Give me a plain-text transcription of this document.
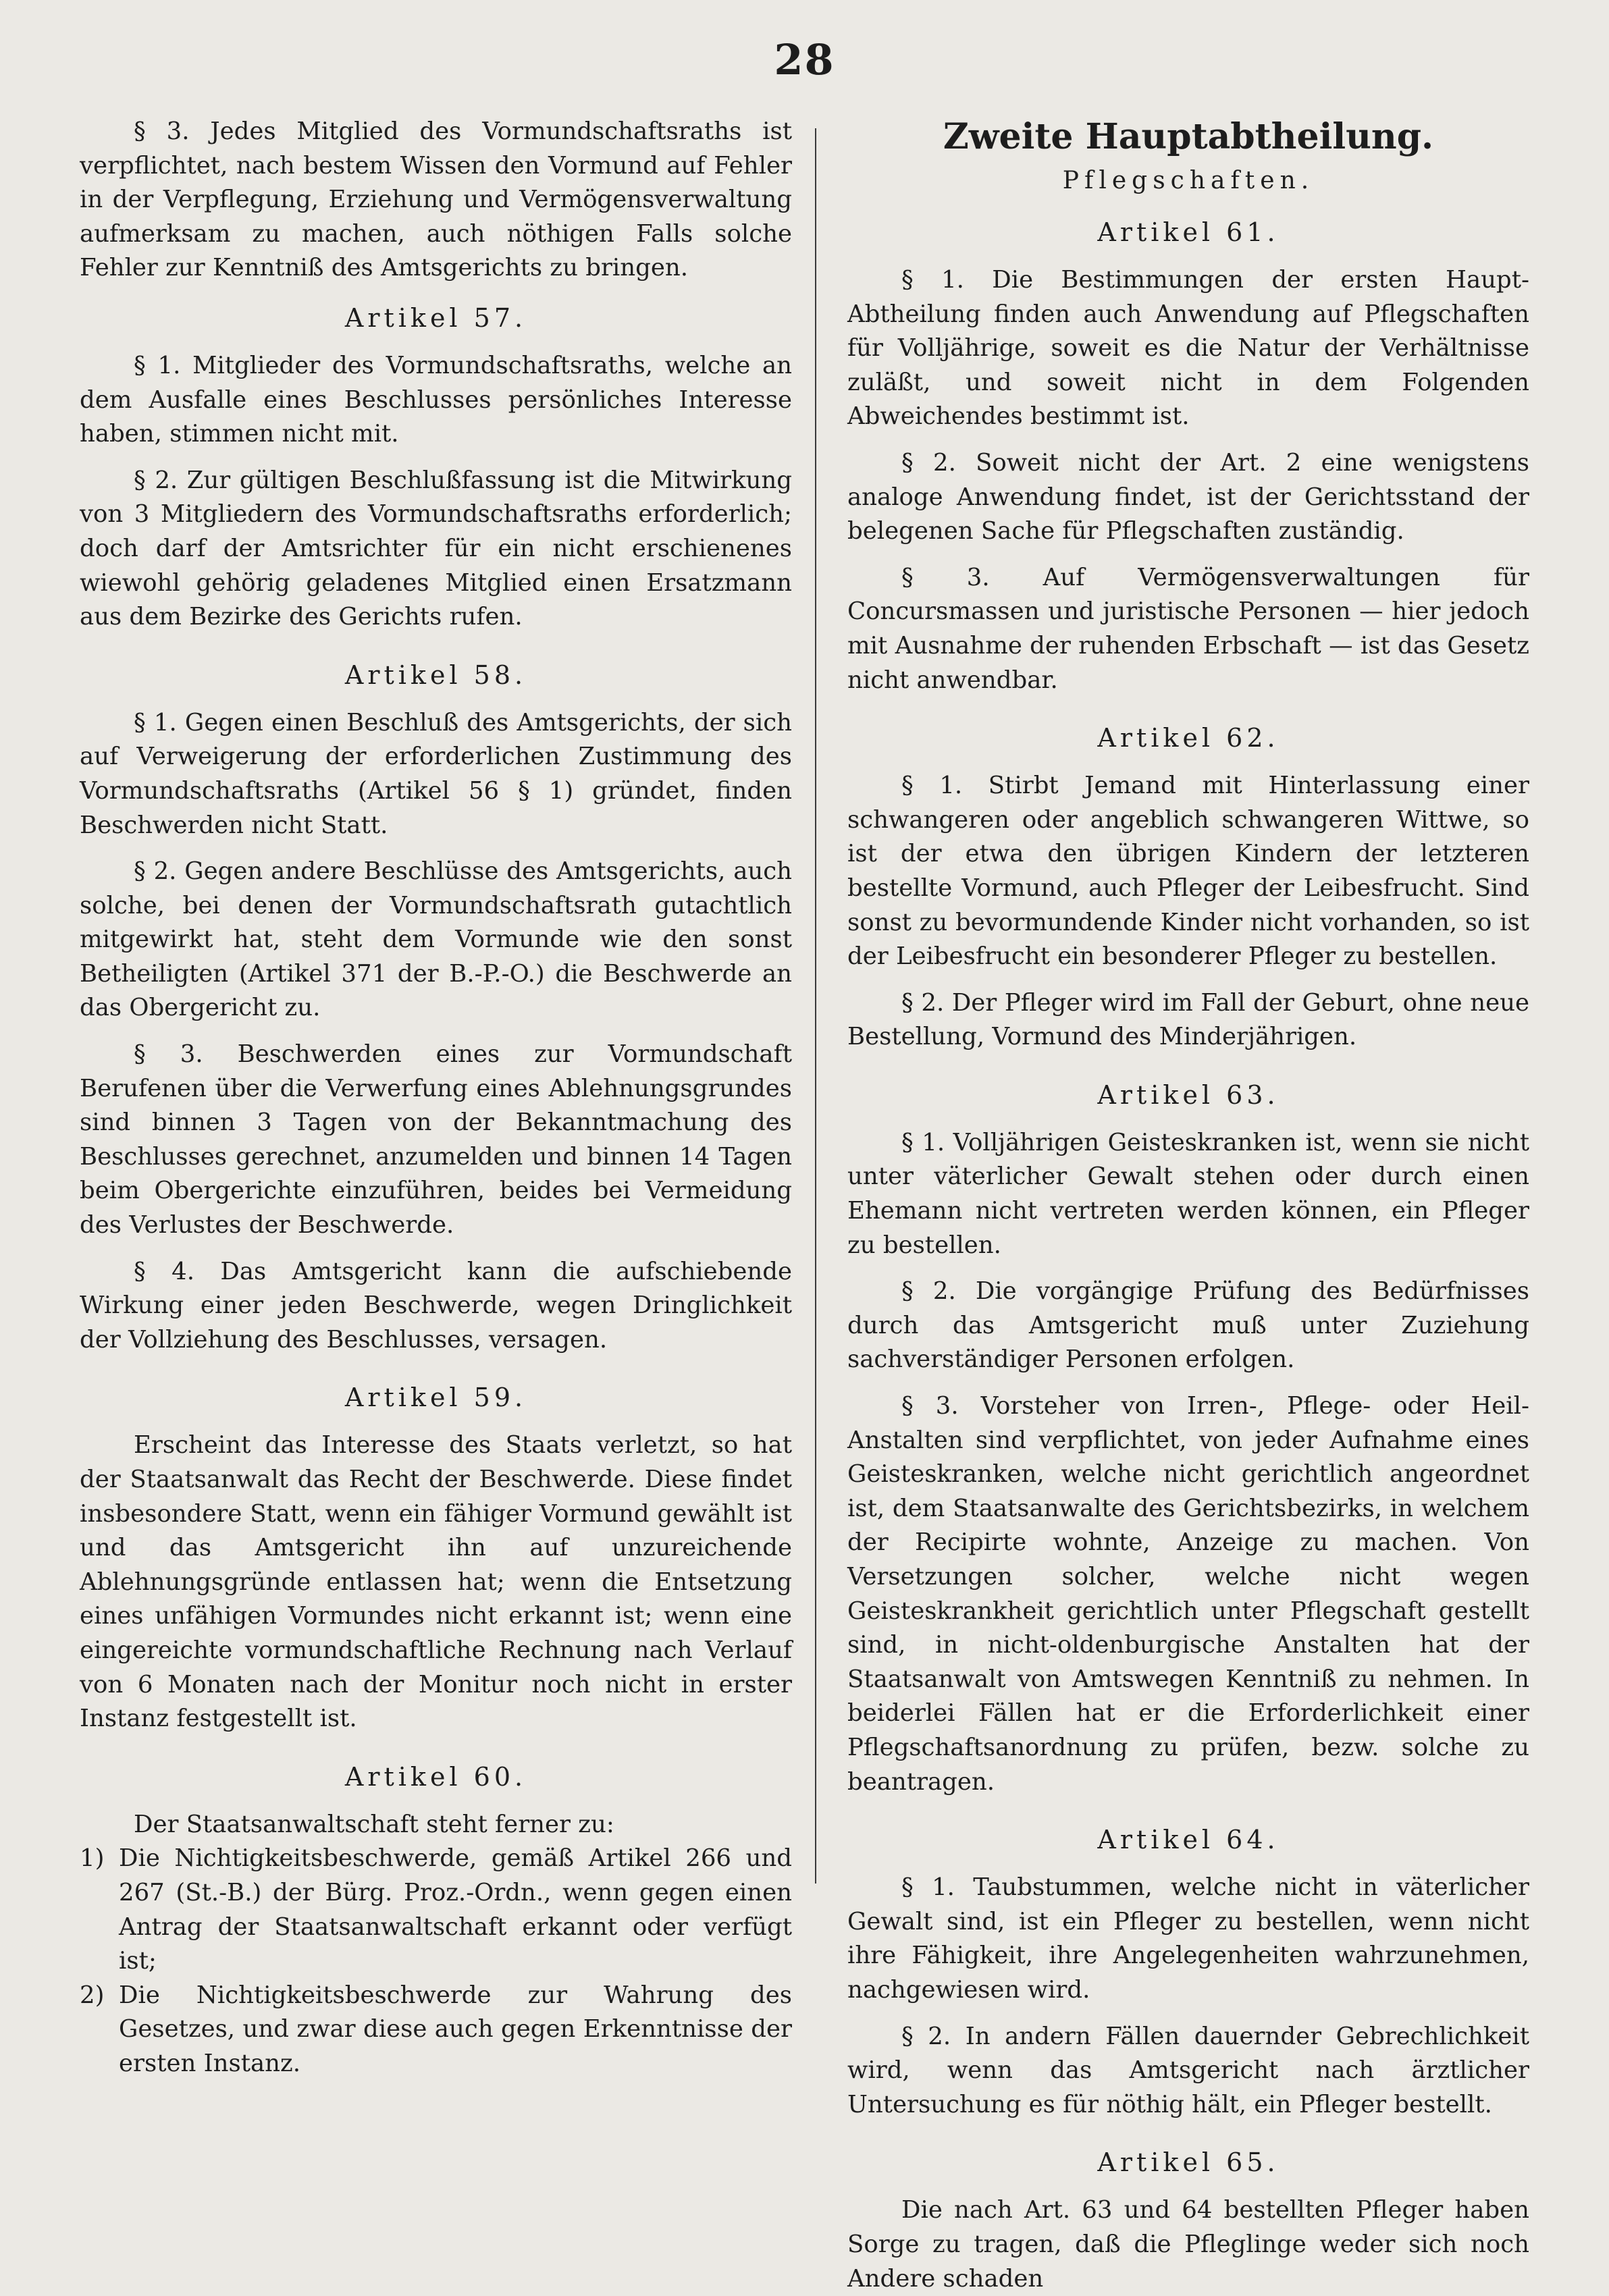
28

§ 3. Jedes Mitglied des Vormundschaftsraths ist verpflichtet, nach bestem Wissen den Vormund auf Fehler in der Verpflegung, Erziehung und Vermögensverwaltung aufmerksam zu machen, auch nöthigen Falls solche Fehler zur Kenntniß des Amtsgerichts zu bringen.

Artikel 57.

§ 1. Mitglieder des Vormundschaftsraths, welche an dem Ausfalle eines Beschlusses persönliches Interesse haben, stimmen nicht mit.

§ 2. Zur gültigen Beschlußfassung ist die Mitwirkung von 3 Mitgliedern des Vormundschaftsraths erforderlich; doch darf der Amtsrichter für ein nicht erschienenes wiewohl gehörig geladenes Mitglied einen Ersatzmann aus dem Bezirke des Gerichts rufen.

Artikel 58.

§ 1. Gegen einen Beschluß des Amtsgerichts, der sich auf Verweigerung der erforderlichen Zustimmung des Vormundschaftsraths (Artikel 56 § 1) gründet, finden Beschwerden nicht Statt.

§ 2. Gegen andere Beschlüsse des Amtsgerichts, auch solche, bei denen der Vormundschaftsrath gutachtlich mitgewirkt hat, steht dem Vormunde wie den sonst Betheiligten (Artikel 371 der B.-P.-O.) die Beschwerde an das Obergericht zu.

§ 3. Beschwerden eines zur Vormundschaft Berufenen über die Verwerfung eines Ablehnungsgrundes sind binnen 3 Tagen von der Bekanntmachung des Beschlusses gerechnet, anzumelden und binnen 14 Tagen beim Obergerichte einzuführen, beides bei Vermeidung des Verlustes der Beschwerde.

§ 4. Das Amtsgericht kann die aufschiebende Wirkung einer jeden Beschwerde, wegen Dringlichkeit der Vollziehung des Beschlusses, versagen.

Artikel 59.

Erscheint das Interesse des Staats verletzt, so hat der Staatsanwalt das Recht der Beschwerde. Diese findet insbesondere Statt, wenn ein fähiger Vormund gewählt ist und das Amtsgericht ihn auf unzureichende Ablehnungsgründe entlassen hat; wenn die Entsetzung eines unfähigen Vormundes nicht erkannt ist; wenn eine eingereichte vormundschaftliche Rechnung nach Verlauf von 6 Monaten nach der Monitur noch nicht in erster Instanz festgestellt ist.

Artikel 60.

Der Staatsanwaltschaft steht ferner zu:

1) Die Nichtigkeitsbeschwerde, gemäß Artikel 266 und 267 (St.-B.) der Bürg. Proz.-Ordn., wenn gegen einen Antrag der Staatsanwaltschaft erkannt oder verfügt ist;
2) Die Nichtigkeitsbeschwerde zur Wahrung des Gesetzes, und zwar diese auch gegen Erkenntnisse der ersten Instanz.
Zweite Hauptabtheilung.
Pflegschaften.
Artikel 61.

§ 1. Die Bestimmungen der ersten Haupt-Abtheilung finden auch Anwendung auf Pflegschaften für Volljährige, soweit es die Natur der Verhältnisse zuläßt, und soweit nicht in dem Folgenden Abweichendes bestimmt ist.

§ 2. Soweit nicht der Art. 2 eine wenigstens analoge Anwendung findet, ist der Gerichtsstand der belegenen Sache für Pflegschaften zuständig.

§ 3. Auf Vermögensverwaltungen für Concursmassen und juristische Personen — hier jedoch mit Ausnahme der ruhenden Erbschaft — ist das Gesetz nicht anwendbar.

Artikel 62.

§ 1. Stirbt Jemand mit Hinterlassung einer schwangeren oder angeblich schwangeren Wittwe, so ist der etwa den übrigen Kindern der letzteren bestellte Vormund, auch Pfleger der Leibesfrucht. Sind sonst zu bevormundende Kinder nicht vorhanden, so ist der Leibesfrucht ein besonderer Pfleger zu bestellen.

§ 2. Der Pfleger wird im Fall der Geburt, ohne neue Bestellung, Vormund des Minderjährigen.

Artikel 63.

§ 1. Volljährigen Geisteskranken ist, wenn sie nicht unter väterlicher Gewalt stehen oder durch einen Ehemann nicht vertreten werden können, ein Pfleger zu bestellen.

§ 2. Die vorgängige Prüfung des Bedürfnisses durch das Amtsgericht muß unter Zuziehung sachverständiger Personen erfolgen.

§ 3. Vorsteher von Irren-, Pflege- oder Heil-Anstalten sind verpflichtet, von jeder Aufnahme eines Geisteskranken, welche nicht gerichtlich angeordnet ist, dem Staatsanwalte des Gerichtsbezirks, in welchem der Recipirte wohnte, Anzeige zu machen. Von Versetzungen solcher, welche nicht wegen Geisteskrankheit gerichtlich unter Pflegschaft gestellt sind, in nicht-oldenburgische Anstalten hat der Staatsanwalt von Amtswegen Kenntniß zu nehmen. In beiderlei Fällen hat er die Erforderlichkeit einer Pflegschaftsanordnung zu prüfen, bezw. solche zu beantragen.

Artikel 64.

§ 1. Taubstummen, welche nicht in väterlicher Gewalt sind, ist ein Pfleger zu bestellen, wenn nicht ihre Fähigkeit, ihre Angelegenheiten wahrzunehmen, nachgewiesen wird.

§ 2. In andern Fällen dauernder Gebrechlichkeit wird, wenn das Amtsgericht nach ärztlicher Untersuchung es für nöthig hält, ein Pfleger bestellt.

Artikel 65.

Die nach Art. 63 und 64 bestellten Pfleger haben Sorge zu tragen, daß die Pfleglinge weder sich noch Andere schaden
